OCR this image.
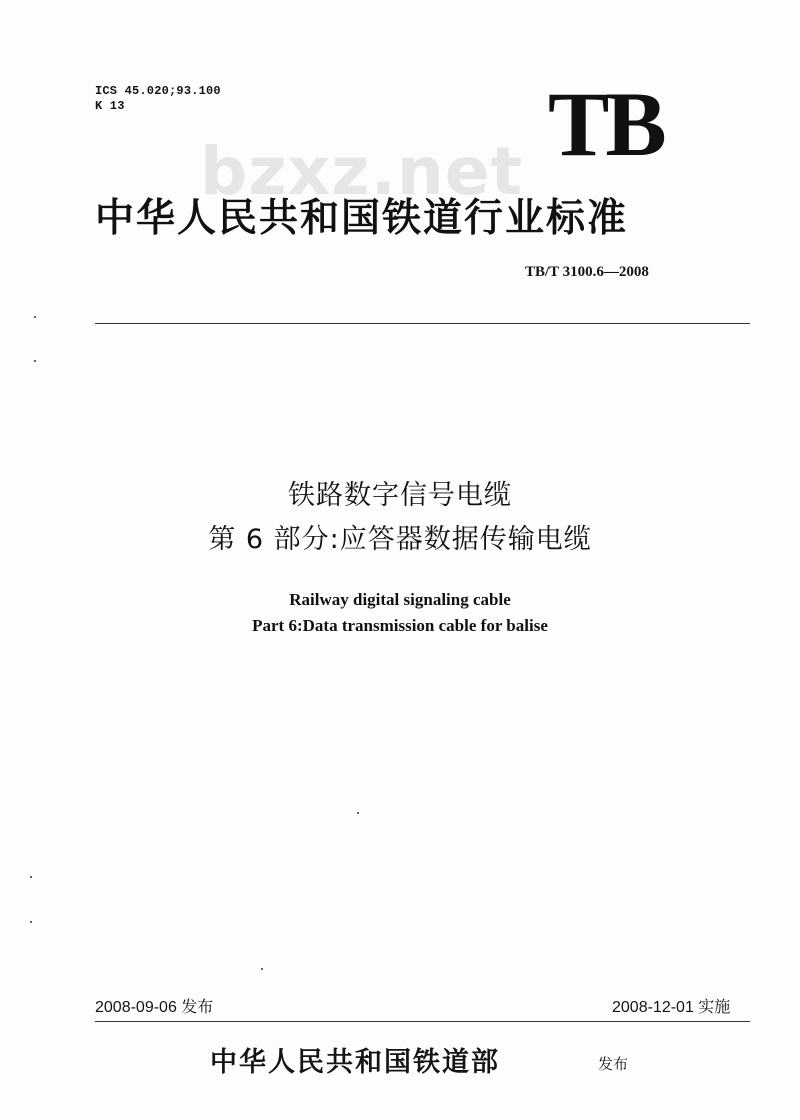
ICS 45.020;93.100
K 13
bzxz.net TB
中华人民共和国铁道行业标准
TB/T 3100.6—2008
铁路数字信号电缆
第 6 部分:应答器数据传输电缆
Railway digital signaling cable
Part 6:Data transmission cable for balise
2008-09-06 发布	2008-12-01 实施
中华人民共和国铁道部	发布
